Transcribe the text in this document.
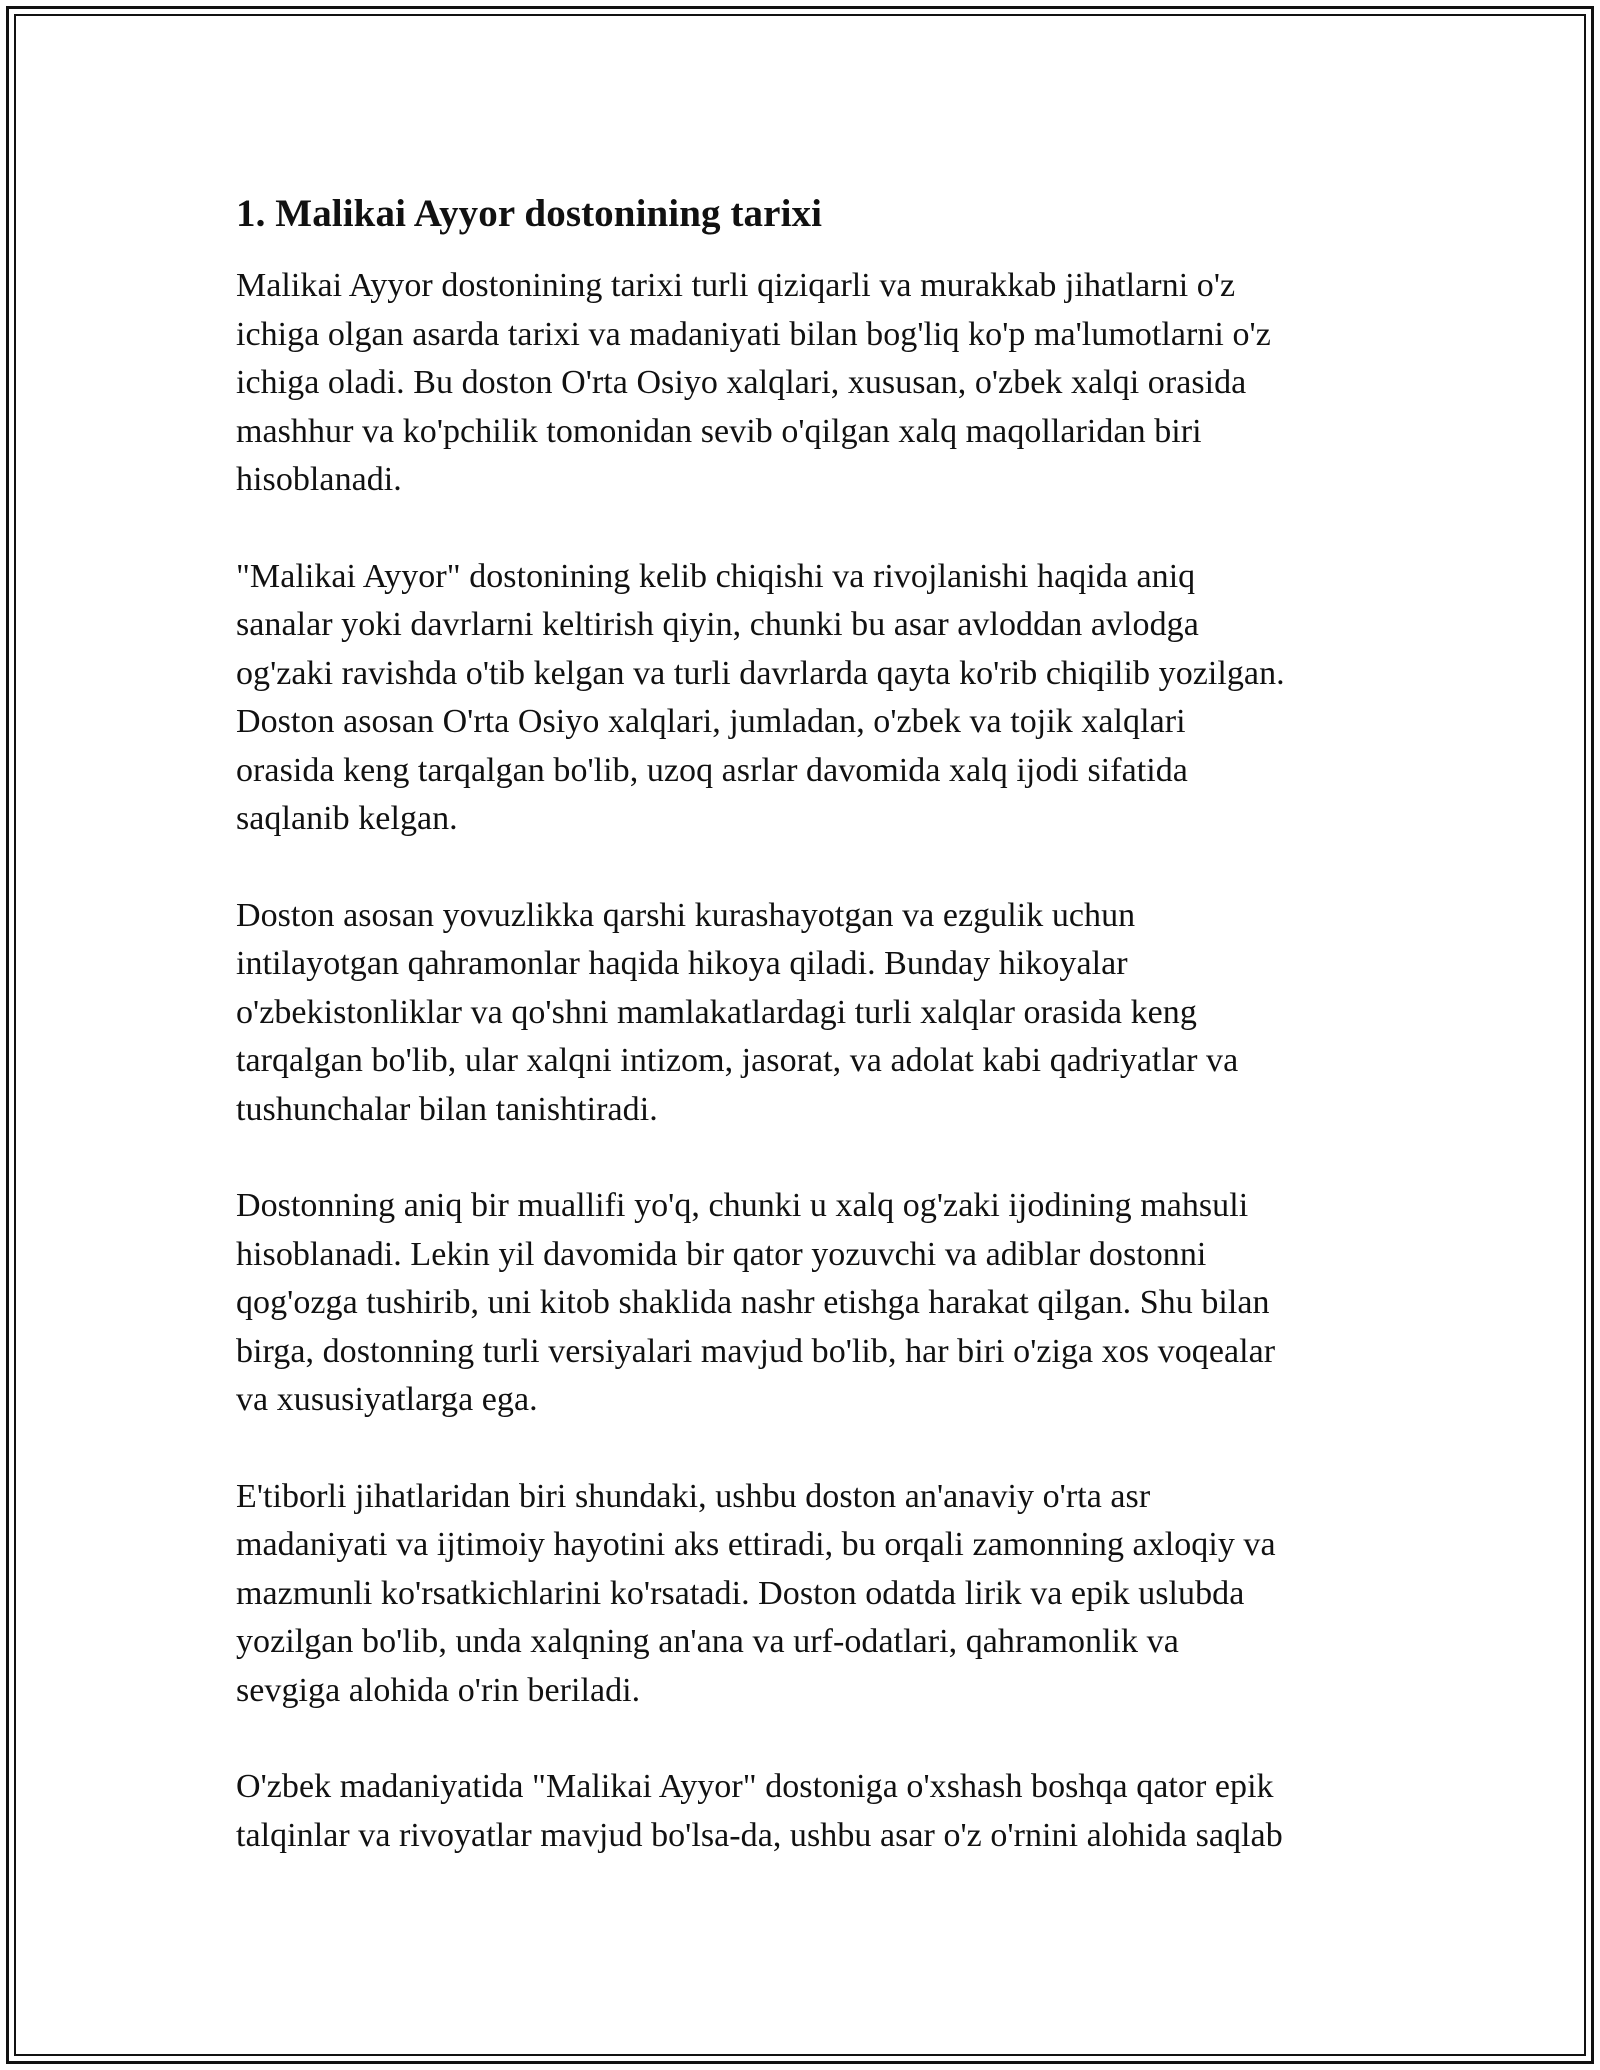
1. Malikai Ayyor dostonining tarixi

Malikai Ayyor dostonining tarixi turli qiziqarli va murakkab jihatlarni o'z
ichiga olgan asarda tarixi va madaniyati bilan bog'liq ko'p ma'lumotlarni o'z
ichiga oladi. Bu doston O'rta Osiyo xalqlari, xususan, o'zbek xalqi orasida
mashhur va ko'pchilik tomonidan sevib o'qilgan xalq maqollaridan biri
hisoblanadi.

"Malikai Ayyor" dostonining kelib chiqishi va rivojlanishi haqida aniq
sanalar yoki davrlarni keltirish qiyin, chunki bu asar avloddan avlodga
og'zaki ravishda o'tib kelgan va turli davrlarda qayta ko'rib chiqilib yozilgan.
Doston asosan O'rta Osiyo xalqlari, jumladan, o'zbek va tojik xalqlari
orasida keng tarqalgan bo'lib, uzoq asrlar davomida xalq ijodi sifatida
saqlanib kelgan.

Doston asosan yovuzlikka qarshi kurashayotgan va ezgulik uchun
intilayotgan qahramonlar haqida hikoya qiladi. Bunday hikoyalar
o'zbekistonliklar va qo'shni mamlakatlardagi turli xalqlar orasida keng
tarqalgan bo'lib, ular xalqni intizom, jasorat, va adolat kabi qadriyatlar va
tushunchalar bilan tanishtiradi.

Dostonning aniq bir muallifi yo'q, chunki u xalq og'zaki ijodining mahsuli
hisoblanadi. Lekin yil davomida bir qator yozuvchi va adiblar dostonni
qog'ozga tushirib, uni kitob shaklida nashr etishga harakat qilgan. Shu bilan
birga, dostonning turli versiyalari mavjud bo'lib, har biri o'ziga xos voqealar
va xususiyatlarga ega.

E'tiborli jihatlaridan biri shundaki, ushbu doston an'anaviy o'rta asr
madaniyati va ijtimoiy hayotini aks ettiradi, bu orqali zamonning axloqiy va
mazmunli ko'rsatkichlarini ko'rsatadi. Doston odatda lirik va epik uslubda
yozilgan bo'lib, unda xalqning an'ana va urf-odatlari, qahramonlik va
sevgiga alohida o'rin beriladi.

O'zbek madaniyatida "Malikai Ayyor" dostoniga o'xshash boshqa qator epik
talqinlar va rivoyatlar mavjud bo'lsa-da, ushbu asar o'z o'rnini alohida saqlab
